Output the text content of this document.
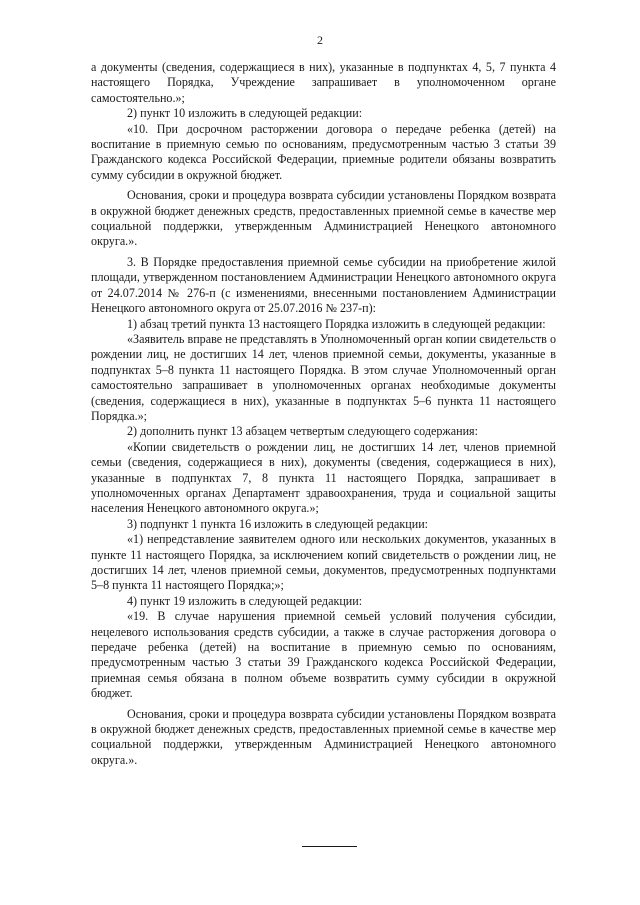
2

а документы (сведения, содержащиеся в них), указанные в подпунктах 4, 5, 7 пункта 4 настоящего Порядка, Учреждение запрашивает в уполномоченном органе самостоятельно.»;

2) пункт 10 изложить в следующей редакции:

«10. При досрочном расторжении договора о передаче ребенка (детей) на воспитание в приемную семью по основаниям, предусмотренным частью 3 статьи 39 Гражданского кодекса Российской Федерации, приемные родители обязаны возвратить сумму субсидии в окружной бюджет.

Основания, сроки и процедура возврата субсидии установлены Порядком возврата в окружной бюджет денежных средств, предоставленных приемной семье в качестве мер социальной поддержки, утвержденным Администрацией Ненецкого автономного округа.».

3. В Порядке предоставления приемной семье субсидии на приобретение жилой площади, утвержденном постановлением Администрации Ненецкого автономного округа от 24.07.2014 № 276-п (с изменениями, внесенными постановлением Администрации Ненецкого автономного округа от 25.07.2016 № 237-п):

1) абзац третий пункта 13 настоящего Порядка изложить в следующей редакции:

«Заявитель вправе не представлять в Уполномоченный орган копии свидетельств о рождении лиц, не достигших 14 лет, членов приемной семьи, документы, указанные в подпунктах 5–8 пункта 11 настоящего Порядка. В этом случае Уполномоченный орган самостоятельно запрашивает в уполномоченных органах необходимые документы (сведения, содержащиеся в них), указанные в подпунктах 5–6 пункта 11 настоящего Порядка.»;

2) дополнить пункт 13 абзацем четвертым следующего содержания:

«Копии свидетельств о рождении лиц, не достигших 14 лет, членов приемной семьи (сведения, содержащиеся в них), документы (сведения, содержащиеся в них), указанные в подпунктах 7, 8 пункта 11 настоящего Порядка, запрашивает в уполномоченных органах Департамент здравоохранения, труда и социальной защиты населения Ненецкого автономного округа.»;

3) подпункт 1 пункта 16 изложить в следующей редакции:

«1) непредставление заявителем одного или нескольких документов, указанных в пункте 11 настоящего Порядка, за исключением копий свидетельств о рождении лиц, не достигших 14 лет, членов приемной семьи, документов, предусмотренных подпунктами 5–8 пункта 11 настоящего Порядка;»;

4) пункт 19 изложить в следующей редакции:

«19. В случае нарушения приемной семьей условий получения субсидии, нецелевого использования средств субсидии, а также в случае расторжения договора о передаче ребенка (детей) на воспитание в приемную семью по основаниям, предусмотренным частью 3 статьи 39 Гражданского кодекса Российской Федерации, приемная семья обязана в полном объеме возвратить сумму субсидии в окружной бюджет.

Основания, сроки и процедура возврата субсидии установлены Порядком возврата в окружной бюджет денежных средств, предоставленных приемной семье в качестве мер социальной поддержки, утвержденным Администрацией Ненецкого автономного округа.».
